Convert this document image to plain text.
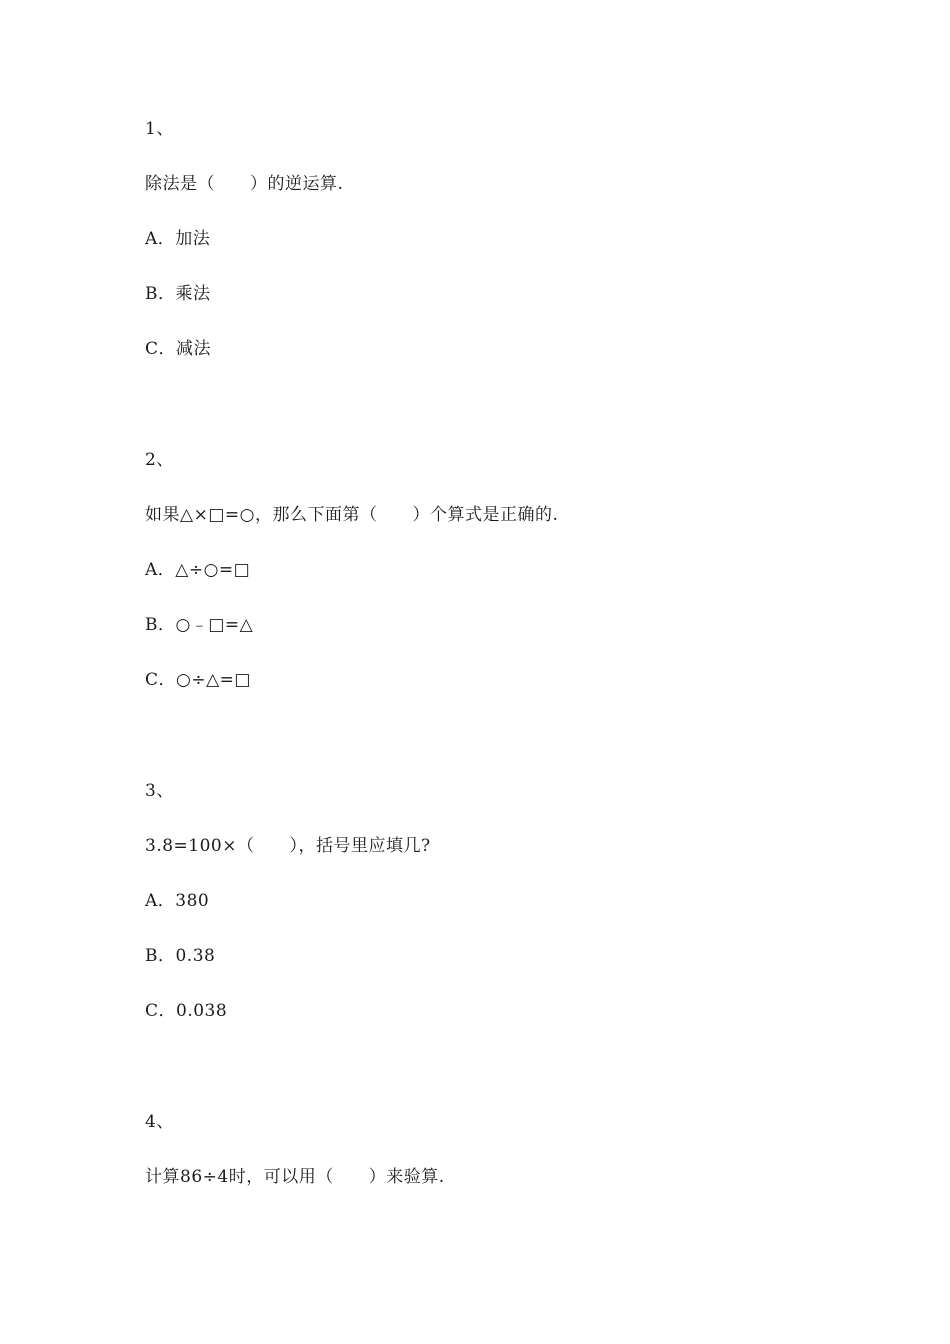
1、
除法是（　　）的逆运算.
A．加法
B．乘法
C．减法
2、
如果△×□=○，那么下面第（　　）个算式是正确的.
A．△÷○=□
B．○﹣□=△
C．○÷△=□
3、
3.8=100×（　　），括号里应填几?
A．380
B．0.38
C．0.038
4、
计算86÷4时，可以用（　　）来验算.
